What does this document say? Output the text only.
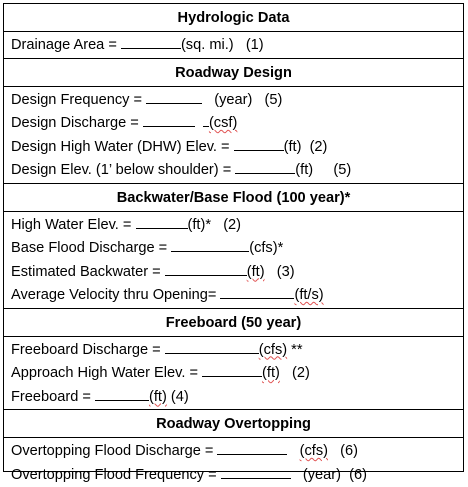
Hydrologic Data
Drainage Area =	(sq. mi.) (1)
Roadway Design
Design Frequency =	(year) (5)
Design Discharge =	(csf)
Design High Water (DHW) Elev. =	(ft) (2)
Design Elev. (1’ below shoulder) =	(ft) (5)
Backwater/Base Flood (100 year)*
High Water Elev. =	(ft)* (2)
Base Flood Discharge =	(cfs)*
Estimated Backwater =	(ft) (3)
Average Velocity thru Opening=	(ft/s)
Freeboard (50 year)
Freeboard Discharge =	(cfs) **
Approach High Water Elev. =	(ft) (2)
Freeboard =	(ft) (4)
Roadway Overtopping
Overtopping Flood Discharge =	(cfs) (6)
Overtopping Flood Frequency =	(year) (6)
